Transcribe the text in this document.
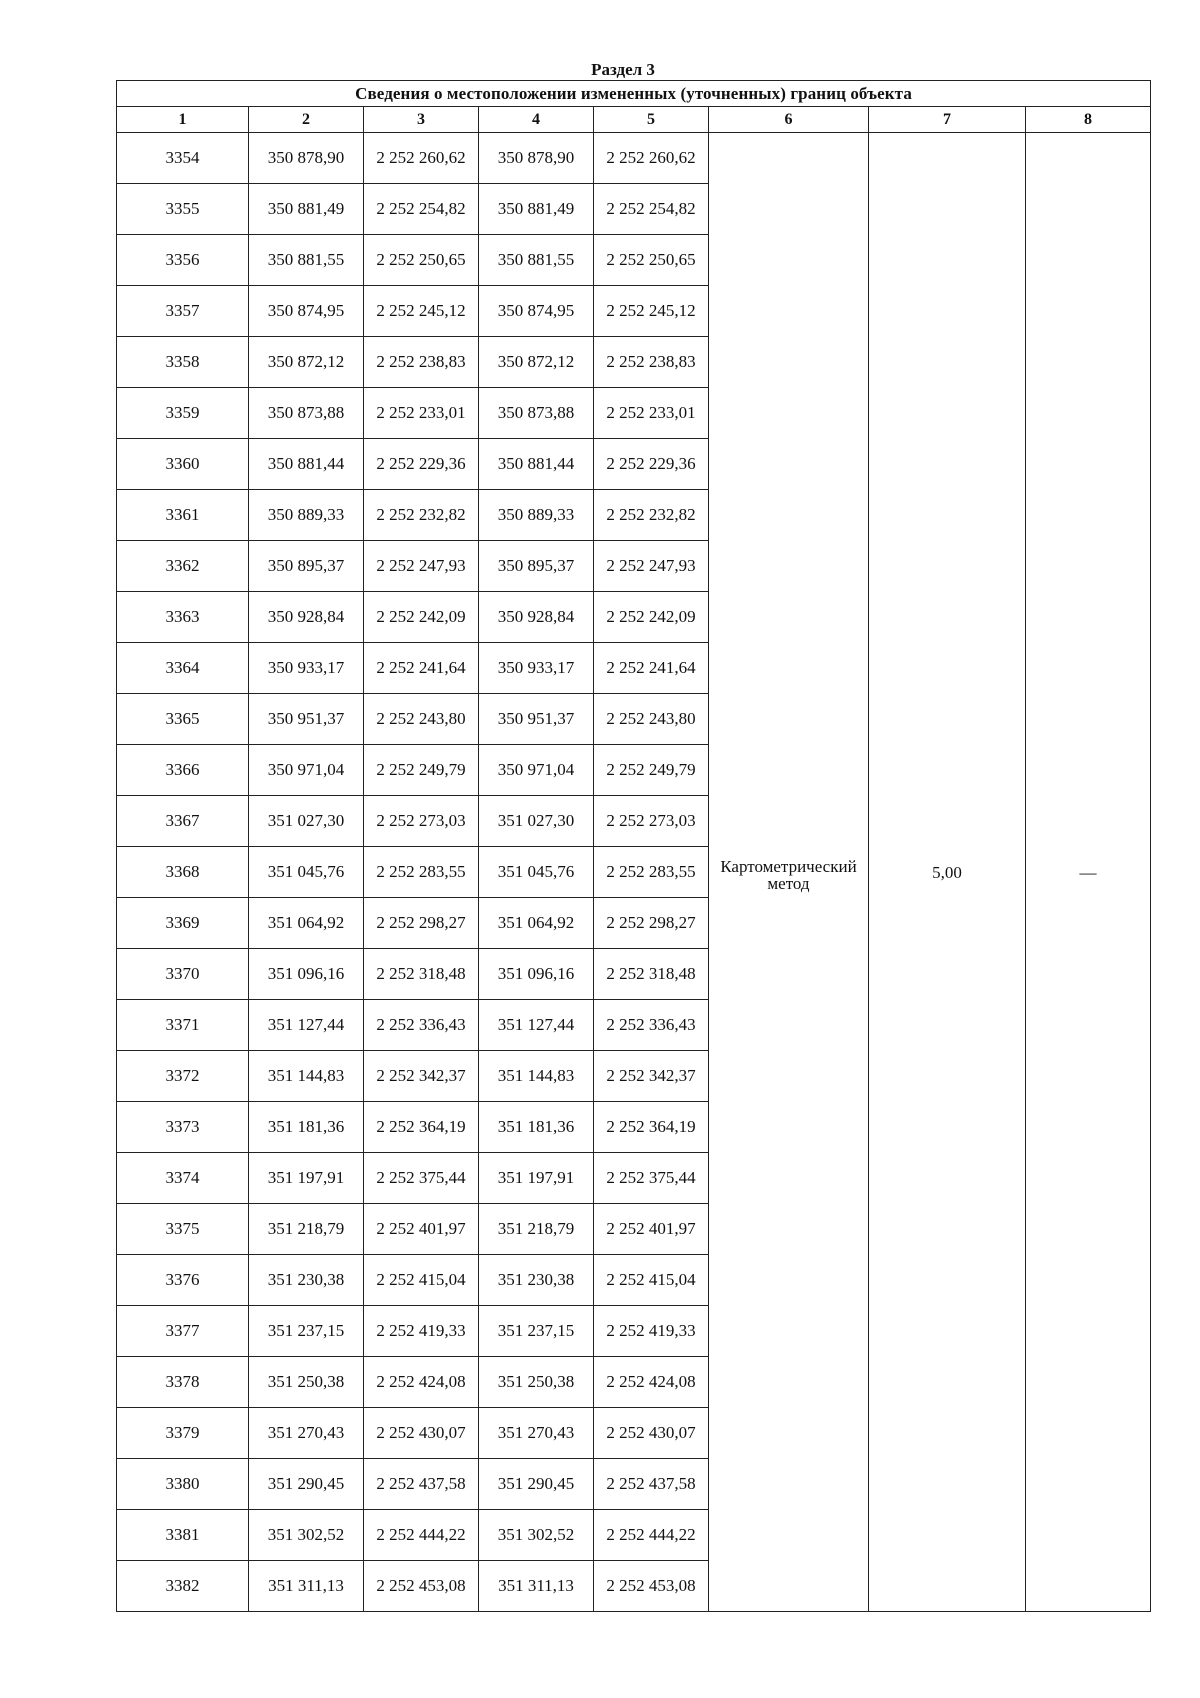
Раздел 3
Сведения о местоположении измененных (уточненных) границ объекта							
1	2	3	4	5	6	7	8
3354	350 878,90	2 252 260,62	350 878,90	2 252 260,62	Картометрический метод	5,00	—
3355	350 881,49	2 252 254,82	350 881,49	2 252 254,82			
3356	350 881,55	2 252 250,65	350 881,55	2 252 250,65			
3357	350 874,95	2 252 245,12	350 874,95	2 252 245,12			
3358	350 872,12	2 252 238,83	350 872,12	2 252 238,83			
3359	350 873,88	2 252 233,01	350 873,88	2 252 233,01			
3360	350 881,44	2 252 229,36	350 881,44	2 252 229,36			
3361	350 889,33	2 252 232,82	350 889,33	2 252 232,82			
3362	350 895,37	2 252 247,93	350 895,37	2 252 247,93			
3363	350 928,84	2 252 242,09	350 928,84	2 252 242,09			
3364	350 933,17	2 252 241,64	350 933,17	2 252 241,64			
3365	350 951,37	2 252 243,80	350 951,37	2 252 243,80			
3366	350 971,04	2 252 249,79	350 971,04	2 252 249,79			
3367	351 027,30	2 252 273,03	351 027,30	2 252 273,03			
3368	351 045,76	2 252 283,55	351 045,76	2 252 283,55			
3369	351 064,92	2 252 298,27	351 064,92	2 252 298,27			
3370	351 096,16	2 252 318,48	351 096,16	2 252 318,48			
3371	351 127,44	2 252 336,43	351 127,44	2 252 336,43			
3372	351 144,83	2 252 342,37	351 144,83	2 252 342,37			
3373	351 181,36	2 252 364,19	351 181,36	2 252 364,19			
3374	351 197,91	2 252 375,44	351 197,91	2 252 375,44			
3375	351 218,79	2 252 401,97	351 218,79	2 252 401,97			
3376	351 230,38	2 252 415,04	351 230,38	2 252 415,04			
3377	351 237,15	2 252 419,33	351 237,15	2 252 419,33			
3378	351 250,38	2 252 424,08	351 250,38	2 252 424,08			
3379	351 270,43	2 252 430,07	351 270,43	2 252 430,07			
3380	351 290,45	2 252 437,58	351 290,45	2 252 437,58			
3381	351 302,52	2 252 444,22	351 302,52	2 252 444,22			
3382	351 311,13	2 252 453,08	351 311,13	2 252 453,08			
